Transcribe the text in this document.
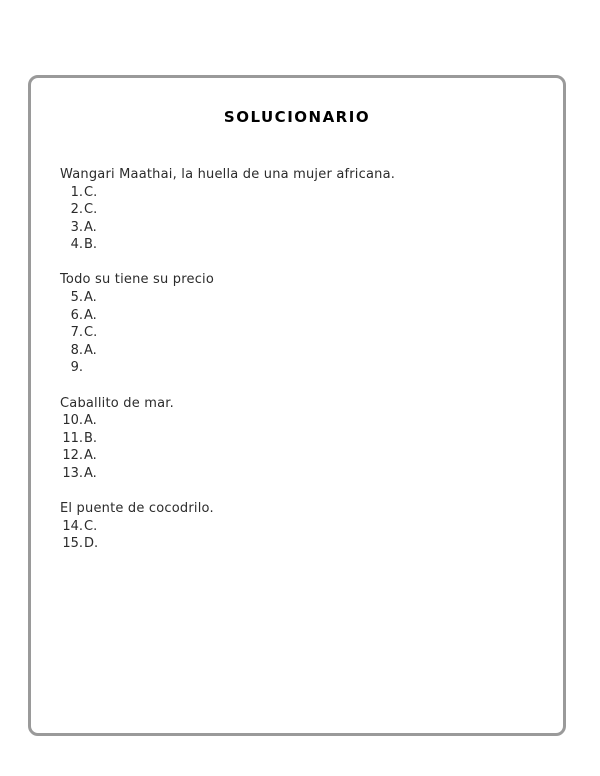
SOLUCIONARIO
Wangari Maathai, la huella de una mujer africana.
1. C.
2. C.
3. A.
4. B.
Todo su tiene su precio
5. A.
6. A.
7. C.
8. A.
9.
Caballito de mar.
10. A.
11. B.
12. A.
13. A.
El puente de cocodrilo.
14. C.
15. D.
